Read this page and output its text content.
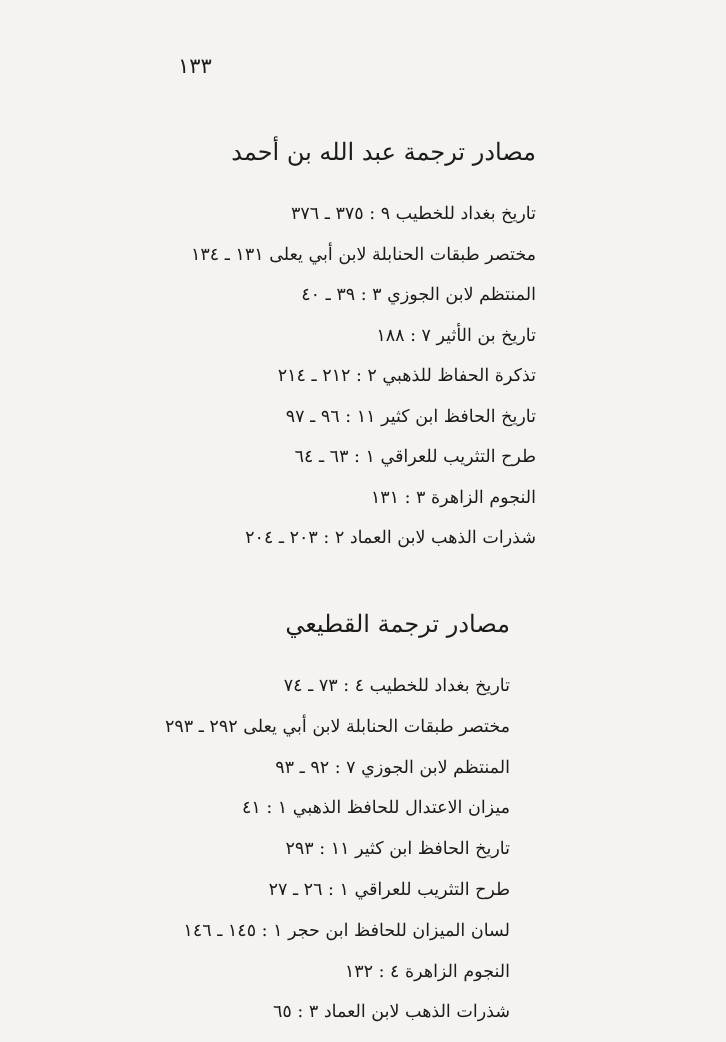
١٣٣
مصادر ترجمة عبد الله بن أحمد
تاريخ بغداد للخطيب ٩ : ٣٧٥ ـ ٣٧٦
مختصر طبقات الحنابلة لابن أبي يعلى ١٣١ ـ ١٣٤
المنتظم لابن الجوزي ٣ : ٣٩ ـ ٤٠
تاريخ بن الأثير ٧ : ١٨٨
تذكرة الحفاظ للذهبي ٢ : ٢١٢ ـ ٢١٤
تاريخ الحافظ ابن كثير ١١ : ٩٦ ـ ٩٧
طرح التثريب للعراقي ١ : ٦٣ ـ ٦٤
النجوم الزاهرة ٣ : ١٣١
شذرات الذهب لابن العماد ٢ : ٢٠٣ ـ ٢٠٤
مصادر ترجمة القطيعي
تاريخ بغداد للخطيب ٤ : ٧٣ ـ ٧٤
مختصر طبقات الحنابلة لابن أبي يعلى ٢٩٢ ـ ٢٩٣
المنتظم لابن الجوزي ٧ : ٩٢ ـ ٩٣
ميزان الاعتدال للحافظ الذهبي ١ : ٤١
تاريخ الحافظ ابن كثير ١١ : ٢٩٣
طرح التثريب للعراقي ١ : ٢٦ ـ ٢٧
لسان الميزان للحافظ ابن حجر ١ : ١٤٥ ـ ١٤٦
النجوم الزاهرة ٤ : ١٣٢
شذرات الذهب لابن العماد ٣ : ٦٥
